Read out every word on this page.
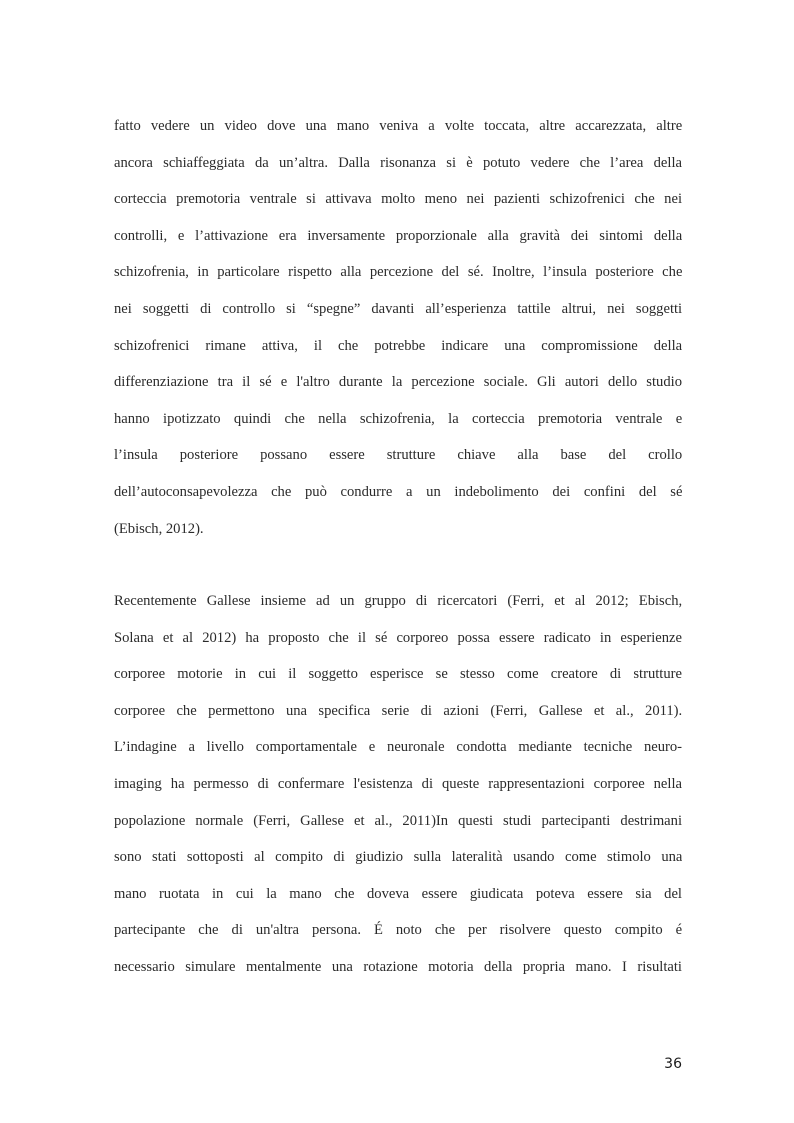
fatto vedere un video dove una mano veniva a volte toccata, altre accarezzata, altre
ancora schiaffeggiata da un’altra. Dalla risonanza si è potuto vedere che l’area della
corteccia premotoria ventrale si attivava molto meno nei pazienti schizofrenici che nei
controlli, e l’attivazione era inversamente proporzionale alla gravità dei sintomi della
schizofrenia, in particolare rispetto alla percezione del sé. Inoltre, l’insula posteriore che
nei soggetti di controllo si “spegne” davanti all’esperienza tattile altrui, nei soggetti
schizofrenici rimane attiva, il che potrebbe indicare una compromissione della
differenziazione tra il sé e l'altro durante la percezione sociale. Gli autori dello studio
hanno ipotizzato quindi che nella schizofrenia, la corteccia premotoria ventrale e
l’insula posteriore possano essere strutture chiave alla base del crollo
dell’autoconsapevolezza che può condurre a un indebolimento dei confini del sé
(Ebisch, 2012).
Recentemente Gallese insieme ad un gruppo di ricercatori (Ferri, et al 2012; Ebisch,
Solana et al 2012) ha proposto che il sé corporeo possa essere radicato in esperienze
corporee motorie in cui il soggetto esperisce se stesso come creatore di strutture
corporee che permettono una specifica serie di azioni (Ferri, Gallese et al., 2011).
L’indagine a livello comportamentale e neuronale condotta mediante tecniche neuro-
imaging ha permesso di confermare l'esistenza di queste rappresentazioni corporee nella
popolazione normale (Ferri, Gallese et al., 2011)In questi studi partecipanti destrimani
sono stati sottoposti al compito di giudizio sulla lateralità usando come stimolo una
mano ruotata in cui la mano che doveva essere giudicata poteva essere sia del
partecipante che di un'altra persona. É noto che per risolvere questo compito é
necessario simulare mentalmente una rotazione motoria della propria mano. I risultati
36
